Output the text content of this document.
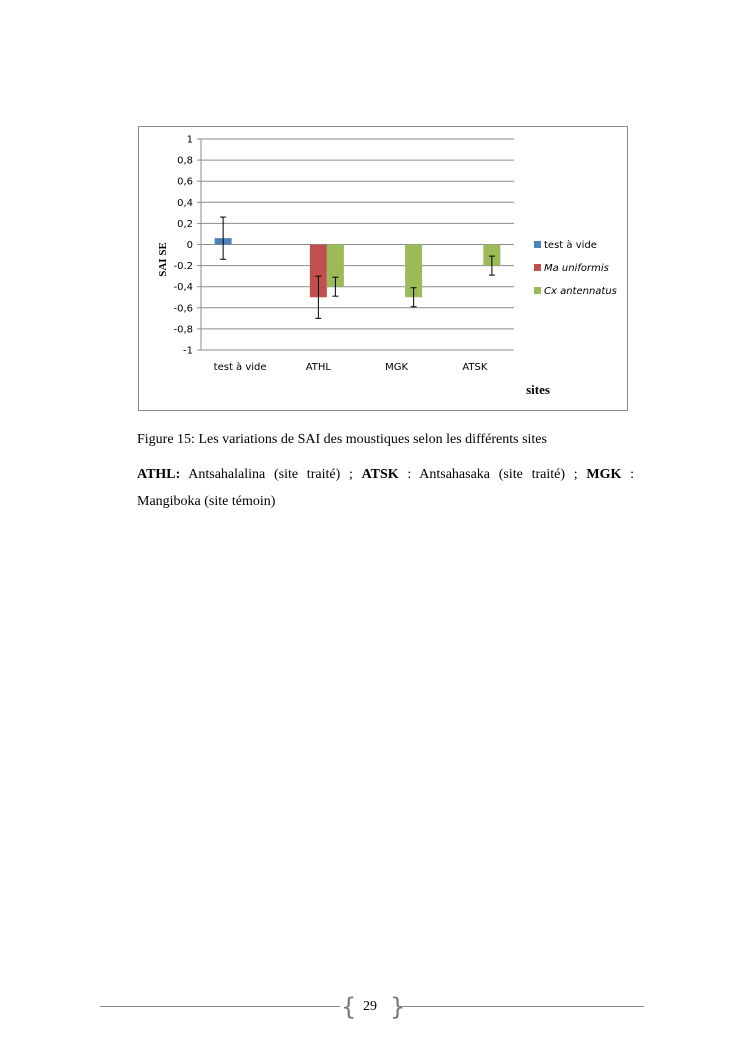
1
0,8
0,6
0,4
0,2
0
-0.2
-0,4
-0,6
-0,8
-1
test à vide	ATHL	MGK	ATSK
SAI SE
sites
test à vide
Ma uniformis
Cx antennatus
Figure 15: Les variations de SAI des moustiques selon les différents sites
ATHL: Antsahalalina (site traité) ; ATSK : Antsahasaka (site traité) ; MGK : Mangiboka (site témoin)
{ }
29
